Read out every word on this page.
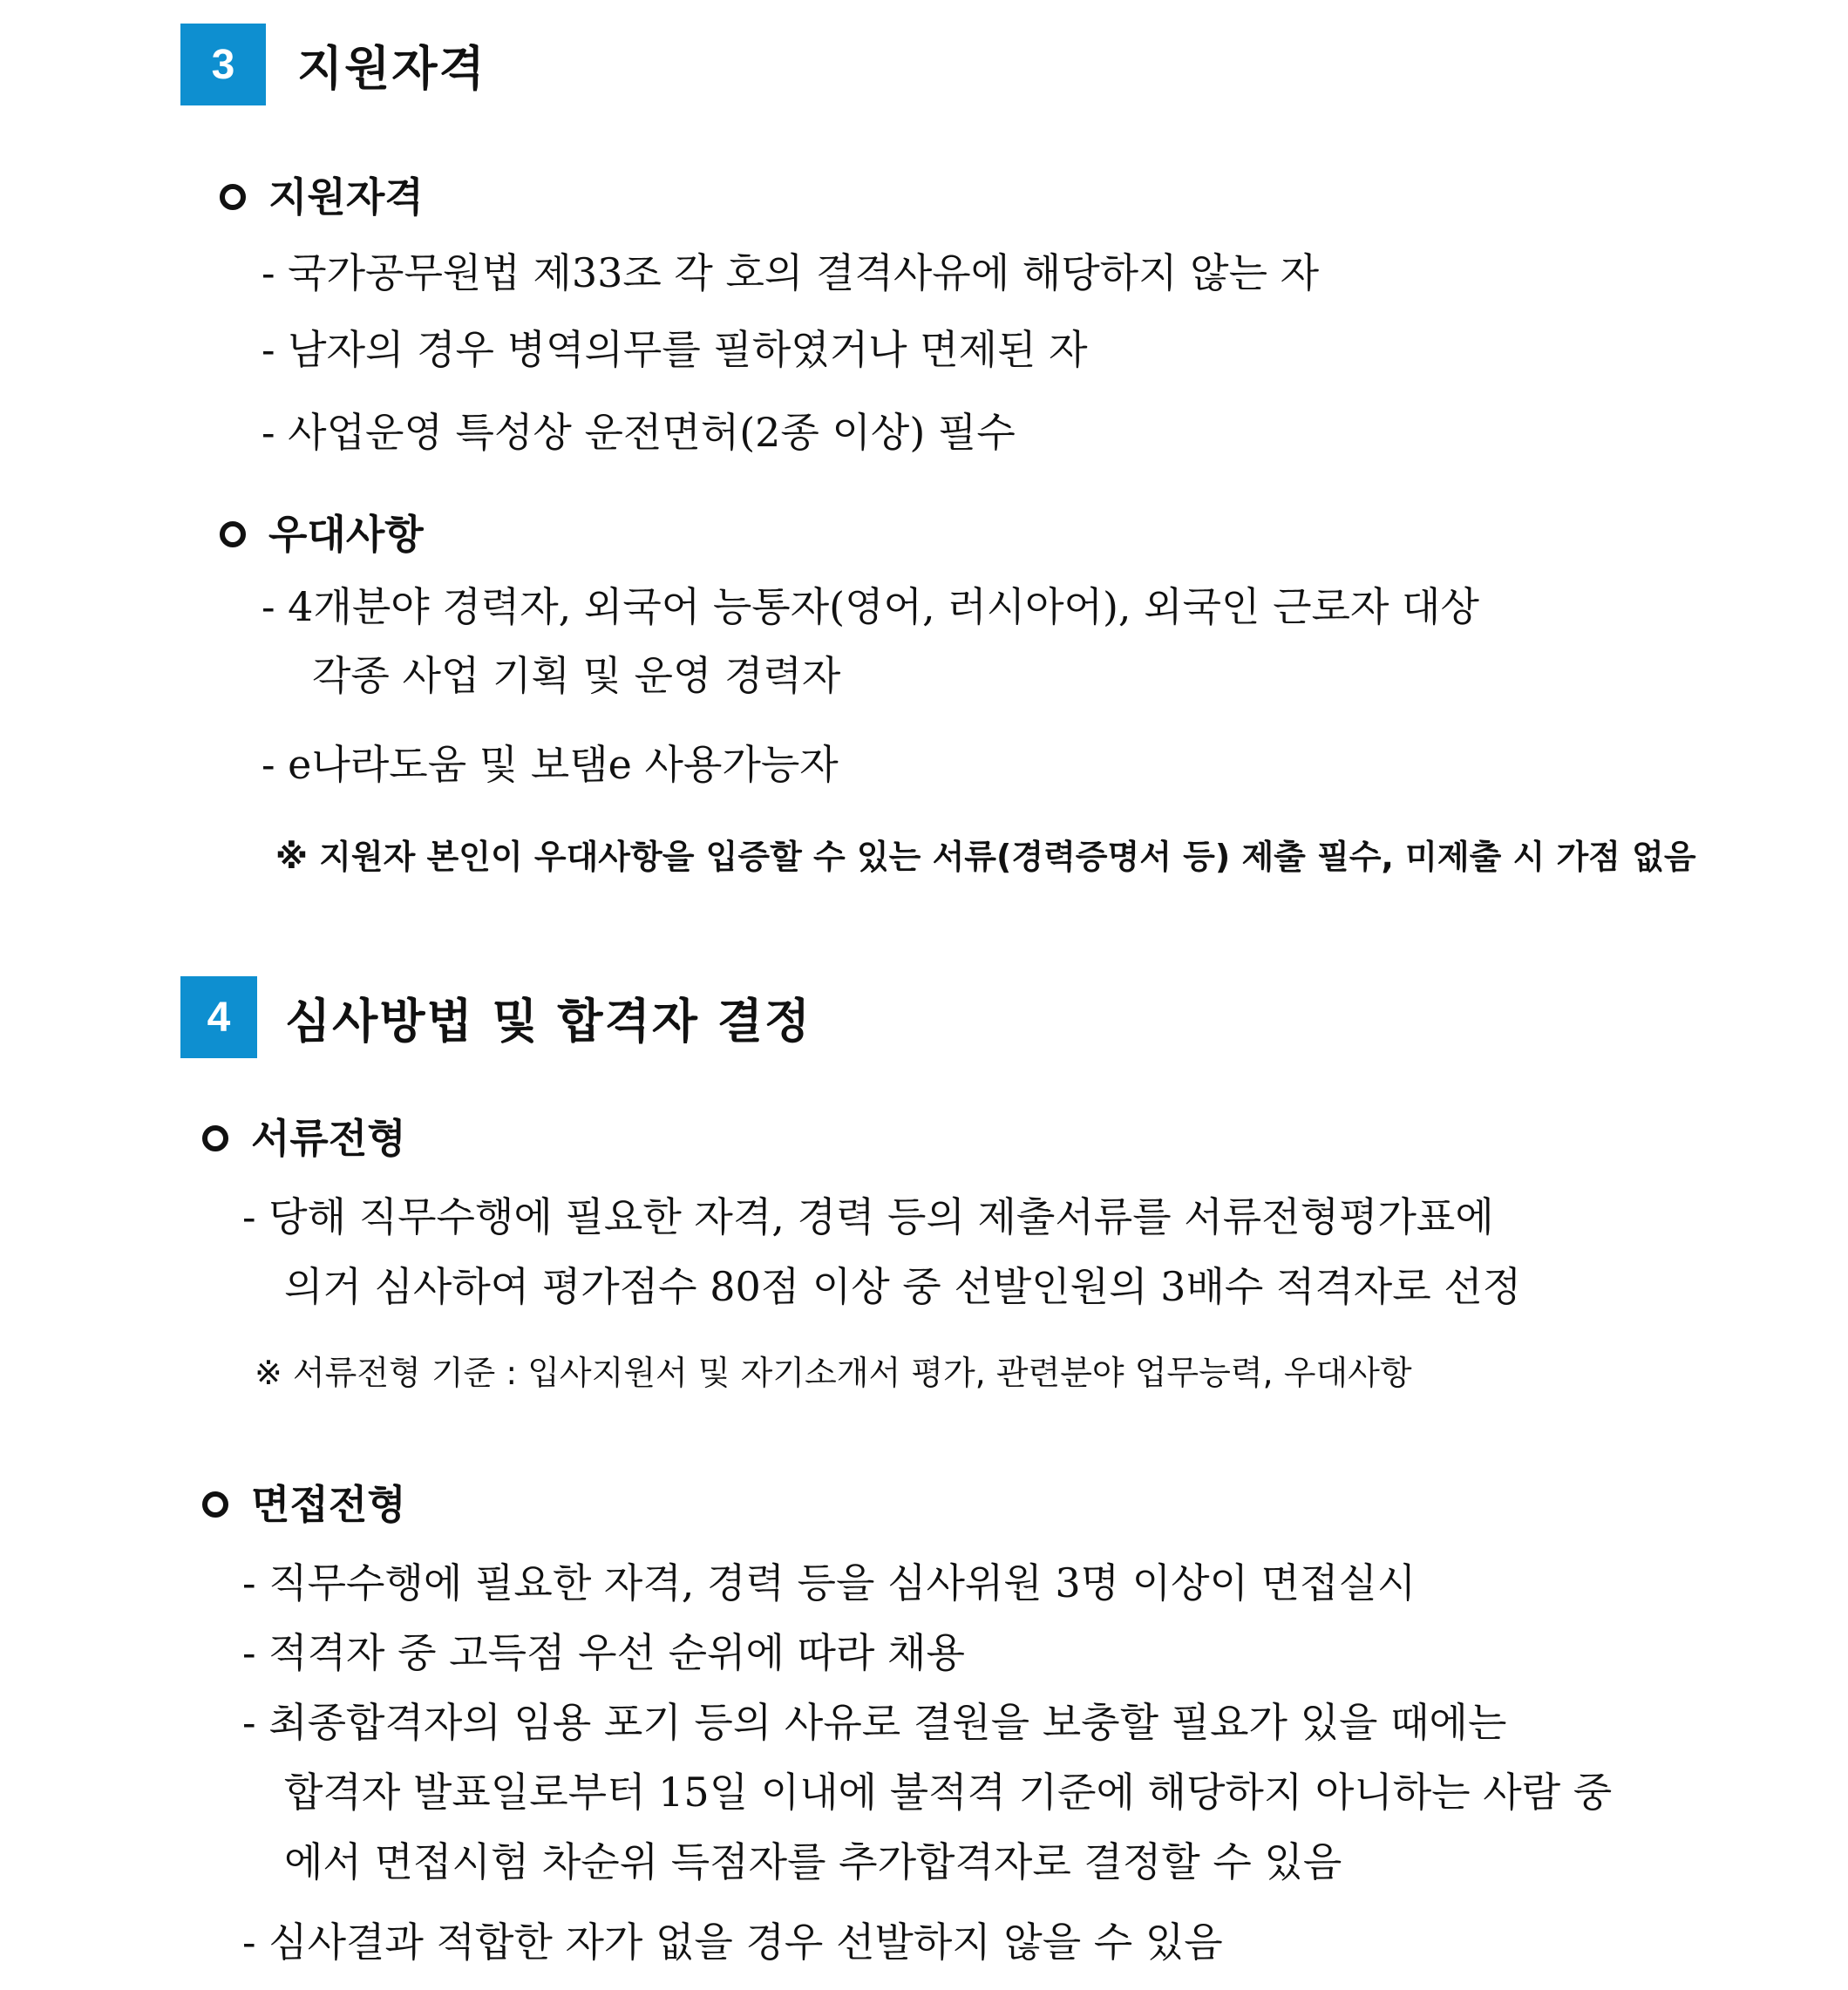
3	지원자격
지원자격
- 국가공무원법 제33조 각 호의 결격사유에 해당하지 않는 자
- 남자의 경우 병역의무를 필하였거나 면제된 자
- 사업운영 특성상 운전면허(2종 이상) 필수
우대사항
- 4개분야 경력자, 외국어 능통자(영어, 러시아어), 외국인 근로자 대상
각종 사업 기획 및 운영 경력자
- e나라도움 및 보탬e 사용가능자
※ 지원자 본인이 우대사항을 입증할 수 있는 서류(경력증명서 등) 제출 필수, 미제출 시 가점 없음
4	심사방법 및 합격자 결정
서류전형
- 당해 직무수행에 필요한 자격, 경력 등의 제출서류를 서류전형평가표에
의거 심사하여 평가점수 80점 이상 중 선발인원의 3배수 적격자로 선정
※ 서류전형 기준 : 입사지원서 및 자기소개서 평가, 관련분야 업무능력, 우대사항
면접전형
- 직무수행에 필요한 자격, 경력 등을 심사위원 3명 이상이 면접실시
- 적격자 중 고득점 우선 순위에 따라 채용
- 최종합격자의 임용 포기 등의 사유로 결원을 보충할 필요가 있을 때에는
합격자 발표일로부터 15일 이내에 불적격 기준에 해당하지 아니하는 사람 중
에서 면접시험 차순위 득점자를 추가합격자로 결정할 수 있음
- 심사결과 적합한 자가 없을 경우 선발하지 않을 수 있음
